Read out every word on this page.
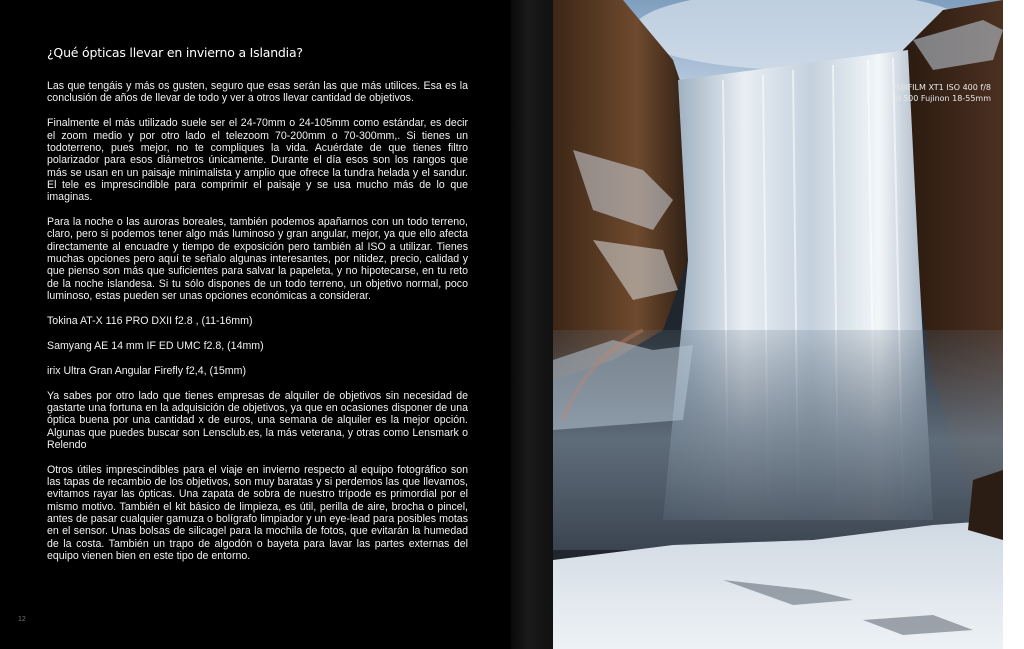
¿Qué ópticas llevar en invierno a Islandia?

Las que tengáis y más os gusten, seguro que esas serán las que más utilices. Esa es la conclusión de años de llevar de todo y ver a otros llevar cantidad de objetivos.

Finalmente el más utilizado suele ser el 24-70mm o 24-105mm como estándar, es decir el zoom medio y por otro lado el telezoom 70-200mm o 70-300mm,. Si tienes un todoterreno, pues mejor, no te compliques la vida. Acuérdate de que tienes filtro polarizador para esos diámetros únicamente. Durante el día esos son los rangos que más se usan en un paisaje minimalista y amplio que ofrece la tundra helada y el sandur. El tele es imprescindible para comprimir el paisaje y se usa mucho más de lo que imaginas.

Para la noche o las auroras boreales, también podemos apañarnos con un todo terreno, claro, pero si podemos tener algo más luminoso y gran angular, mejor, ya que ello afecta directamente al encuadre y tiempo de exposición pero también al ISO a utilizar. Tienes muchas opciones pero aquí te señalo algunas interesantes, por nitidez, precio, calidad y que pienso son más que suficientes para salvar la papeleta, y no hipotecarse, en tu reto de la noche islandesa. Si tu sólo dispones de un todo terreno, un objetivo normal, poco luminoso, estas pueden ser unas opciones económicas a considerar.

Tokina AT-X 116 PRO DXII f2.8 , (11-16mm)

Samyang AE 14 mm IF ED UMC f2.8, (14mm)

irix Ultra Gran Angular Firefly f2,4, (15mm)

Ya sabes por otro lado que tienes empresas de alquiler de objetivos sin necesidad de gastarte una fortuna en la adquisición de objetivos, ya que en ocasiones disponer de una óptica buena por una cantidad x de euros, una semana de alquiler es la mejor opción. Algunas que puedes buscar son Lensclub.es, la más veterana, y otras como Lensmark o Relendo

Otros útiles imprescindibles para el viaje en invierno respecto al equipo fotográfico son las tapas de recambio de los objetivos, son muy baratas y si perdemos las que llevamos, evitamos rayar las ópticas. Una zapata de sobra de nuestro trípode es primordial por el mismo motivo. También el kit básico de limpieza, es útil, perilla de aire, brocha o pincel, antes de pasar cualquier gamuza o bolígrafo limpiador y un eye-lead para posibles motas en el sensor. Unas bolsas de silicagel para la mochila de fotos, que evitarán la humedad de la costa. También un trapo de algodón o bayeta para lavar las partes externas del equipo vienen bien en este tipo de entorno.

12
FUJIFILM XT1 ISO 400 f/8
vel 500 Fujinon 18-55mm
